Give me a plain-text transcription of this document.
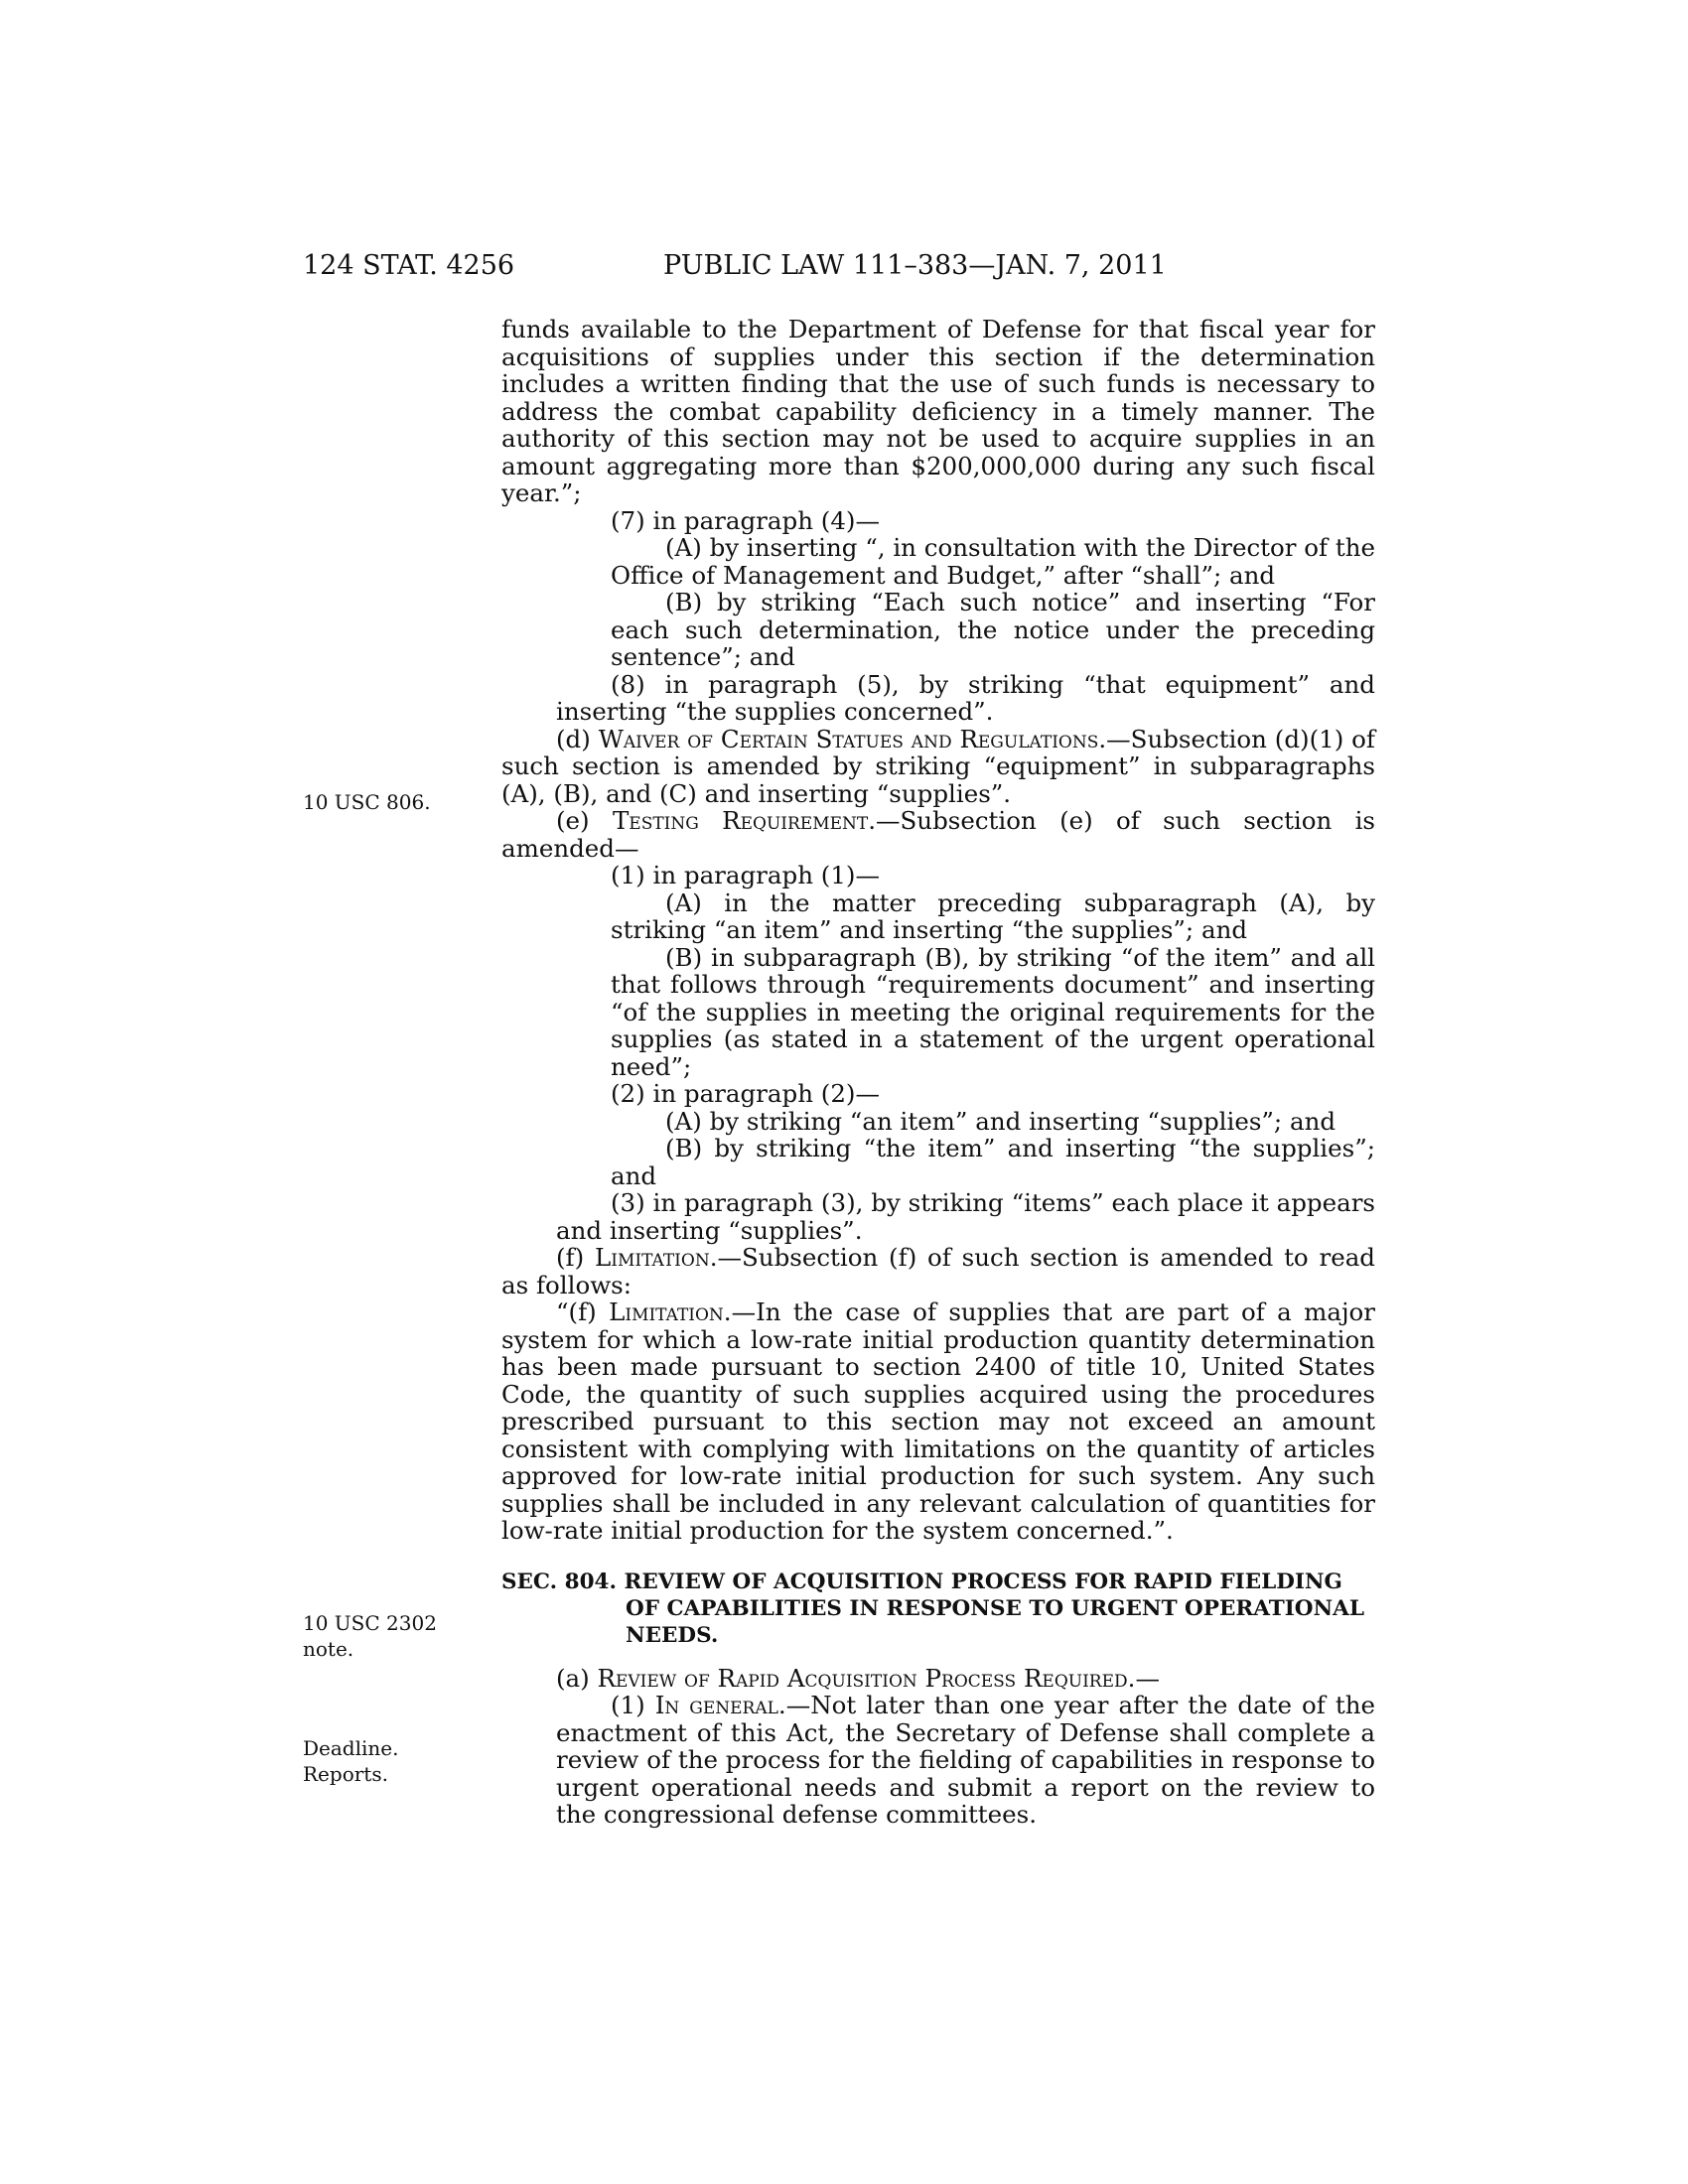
124 STAT. 4256	PUBLIC LAW 111–383—JAN. 7, 2011
10 USC 806.
10 USC 2302
note.
Deadline.
Reports.

funds available to the Department of Defense for that fiscal year for acquisitions of supplies under this section if the determination includes a written finding that the use of such funds is necessary to address the combat capability deficiency in a timely manner. The authority of this section may not be used to acquire supplies in an amount aggregating more than $200,000,000 during any such fiscal year.”;

(7) in paragraph (4)—

(A) by inserting “, in consultation with the Director of the Office of Management and Budget,” after “shall”; and

(B) by striking “Each such notice” and inserting “For each such determination, the notice under the preceding sentence”; and

(8) in paragraph (5), by striking “that equipment” and inserting “the supplies concerned”.

(d) Waiver of Certain Statues and Regulations.—Subsection (d)(1) of such section is amended by striking “equipment” in subparagraphs (A), (B), and (C) and inserting “supplies”.

(e) Testing Requirement.—Subsection (e) of such section is amended—

(1) in paragraph (1)—

(A) in the matter preceding subparagraph (A), by striking “an item” and inserting “the supplies”; and

(B) in subparagraph (B), by striking “of the item” and all that follows through “requirements document” and inserting “of the supplies in meeting the original requirements for the supplies (as stated in a statement of the urgent operational need”;

(2) in paragraph (2)—

(A) by striking “an item” and inserting “supplies”; and

(B) by striking “the item” and inserting “the supplies”; and

(3) in paragraph (3), by striking “items” each place it appears and inserting “supplies”.

(f) Limitation.—Subsection (f) of such section is amended to read as follows:

“(f) Limitation.—In the case of supplies that are part of a major system for which a low-rate initial production quantity determination has been made pursuant to section 2400 of title 10, United States Code, the quantity of such supplies acquired using the procedures prescribed pursuant to this section may not exceed an amount consistent with complying with limitations on the quantity of articles approved for low-rate initial production for such system. Any such supplies shall be included in any relevant calculation of quantities for low-rate initial production for the system concerned.”.

SEC. 804. REVIEW OF ACQUISITION PROCESS FOR RAPID FIELDING OF CAPABILITIES IN RESPONSE TO URGENT OPERATIONAL NEEDS.

(a) Review of Rapid Acquisition Process Required.—

(1) In general.—Not later than one year after the date of the enactment of this Act, the Secretary of Defense shall complete a review of the process for the fielding of capabilities in response to urgent operational needs and submit a report on the review to the congressional defense committees.
